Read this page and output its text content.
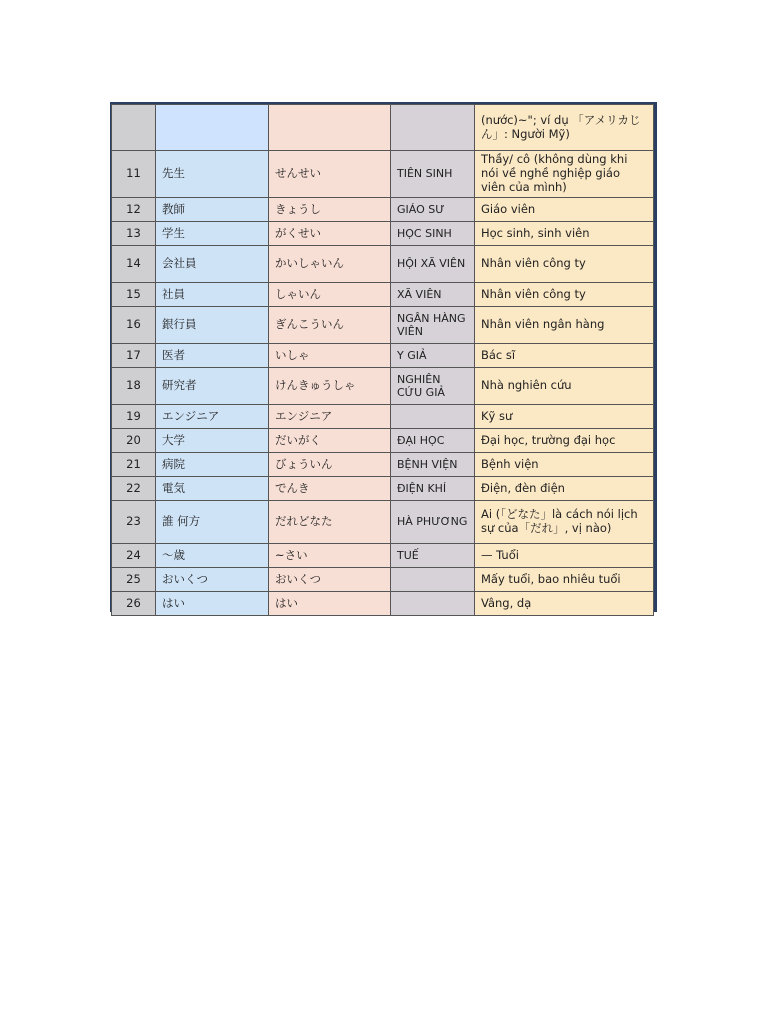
				(nước)~"; ví dụ 「アメリカじん」: Người Mỹ)
11	先生	せんせい	TIÊN SINH	Thầy/ cô (không dùng khi nói về nghề nghiệp giáo viên của mình)
12	教師	きょうし	GIÁO SƯ	Giáo viên
13	学生	がくせい	HỌC SINH	Học sinh, sinh viên
14	会社員	かいしゃいん	HỘI XÃ VIÊN	Nhân viên công ty
15	社員	しゃいん	XÃ VIÊN	Nhân viên công ty
16	銀行員	ぎんこういん	NGÂN HÀNG VIÊN	Nhân viên ngân hàng
17	医者	いしゃ	Y GIẢ	Bác sĩ
18	研究者	けんきゅうしゃ	NGHIÊN CỨU GIẢ	Nhà nghiên cứu
19	エンジニア	エンジニア		Kỹ sư
20	大学	だいがく	ĐẠI HỌC	Đại học, trường đại học
21	病院	びょういん	BỆNH VIỆN	Bệnh viện
22	電気	でんき	ĐIỆN KHÍ	Điện, đèn điện
23	誰 何方	だれどなた	HÀ PHƯƠNG	Ai (「どなた」là cách nói lịch sự của「だれ」, vị nào)
24	～歳	~さい	TUẾ	— Tuổi
25	おいくつ	おいくつ		Mấy tuổi, bao nhiêu tuổi
26	はい	はい		Vâng, dạ
